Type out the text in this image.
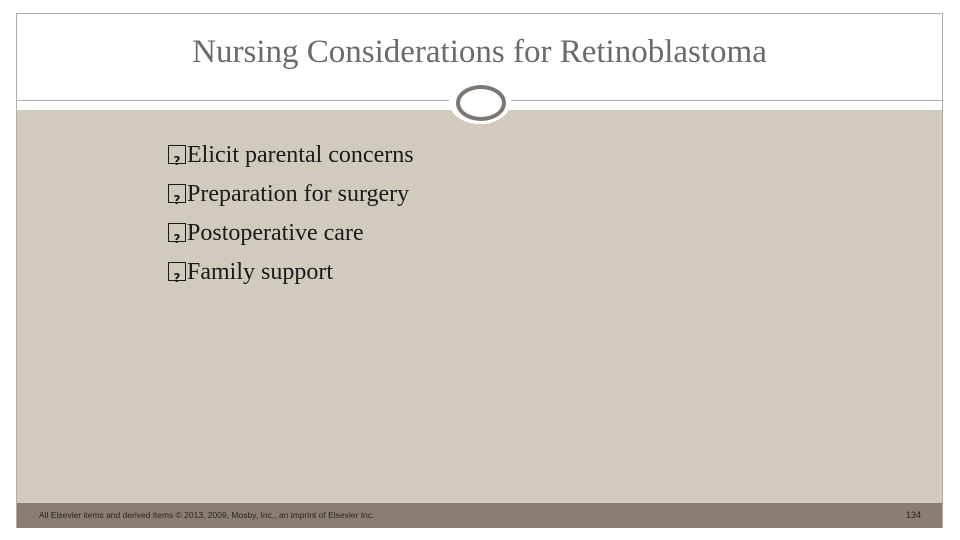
Nursing Considerations for Retinoblastoma
?Elicit parental concerns
?Preparation for surgery
?Postoperative care
?Family support
All Elsevier items and derived items © 2013, 2009, Mosby, Inc., an imprint of Elsevier Inc.	134
